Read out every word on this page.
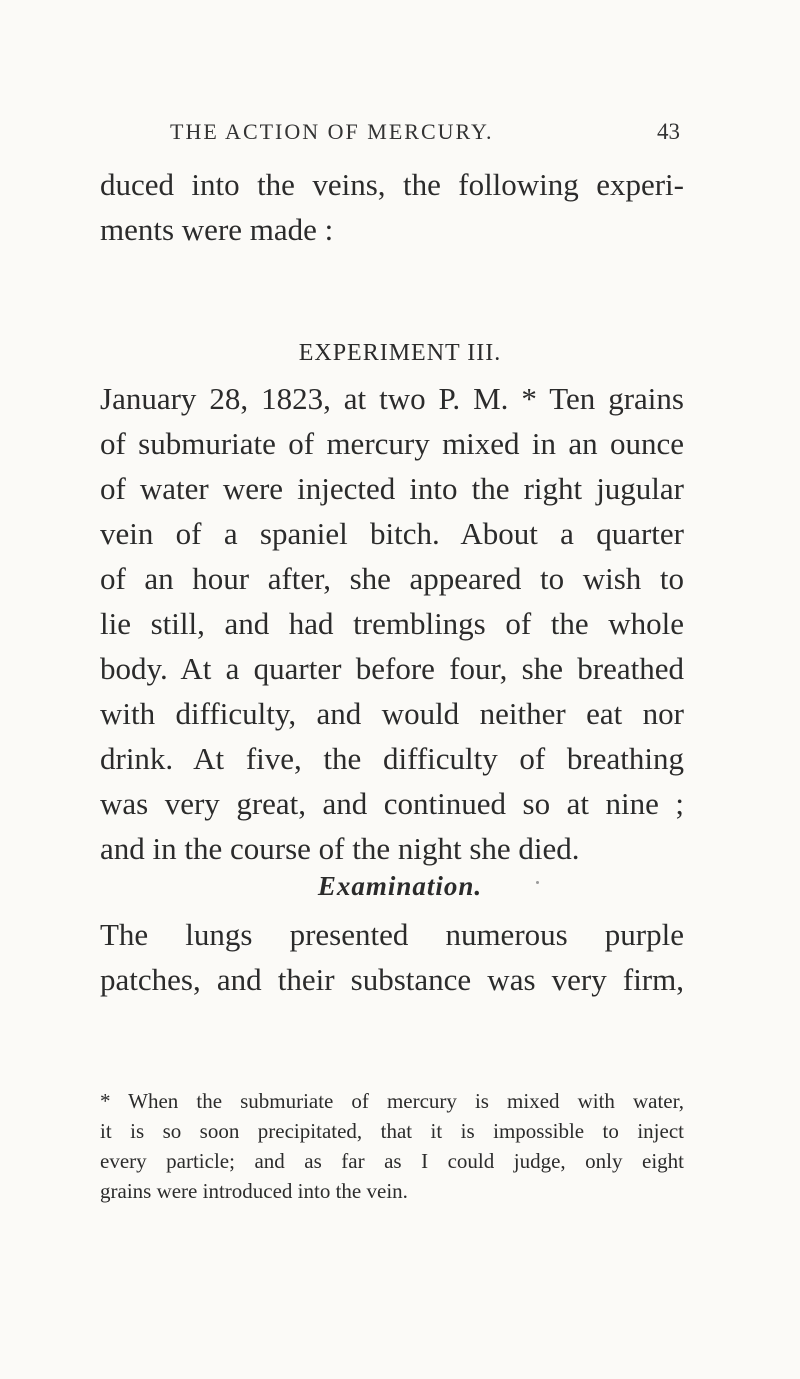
THE ACTION OF MERCURY.	43
duced into the veins, the following experi-
ments were made :
EXPERIMENT III.
January 28, 1823, at two P. M. * Ten grains
of submuriate of mercury mixed in an ounce
of water were injected into the right jugular
vein of a spaniel bitch. About a quarter
of an hour after, she appeared to wish to
lie still, and had tremblings of the whole
body. At a quarter before four, she breathed
with difficulty, and would neither eat nor
drink. At five, the difficulty of breathing
was very great, and continued so at nine ;
and in the course of the night she died.
Examination.
The lungs presented numerous purple
patches, and their substance was very firm,
* When the submuriate of mercury is mixed with water,
it is so soon precipitated, that it is impossible to inject
every particle; and as far as I could judge, only eight
grains were introduced into the vein.
